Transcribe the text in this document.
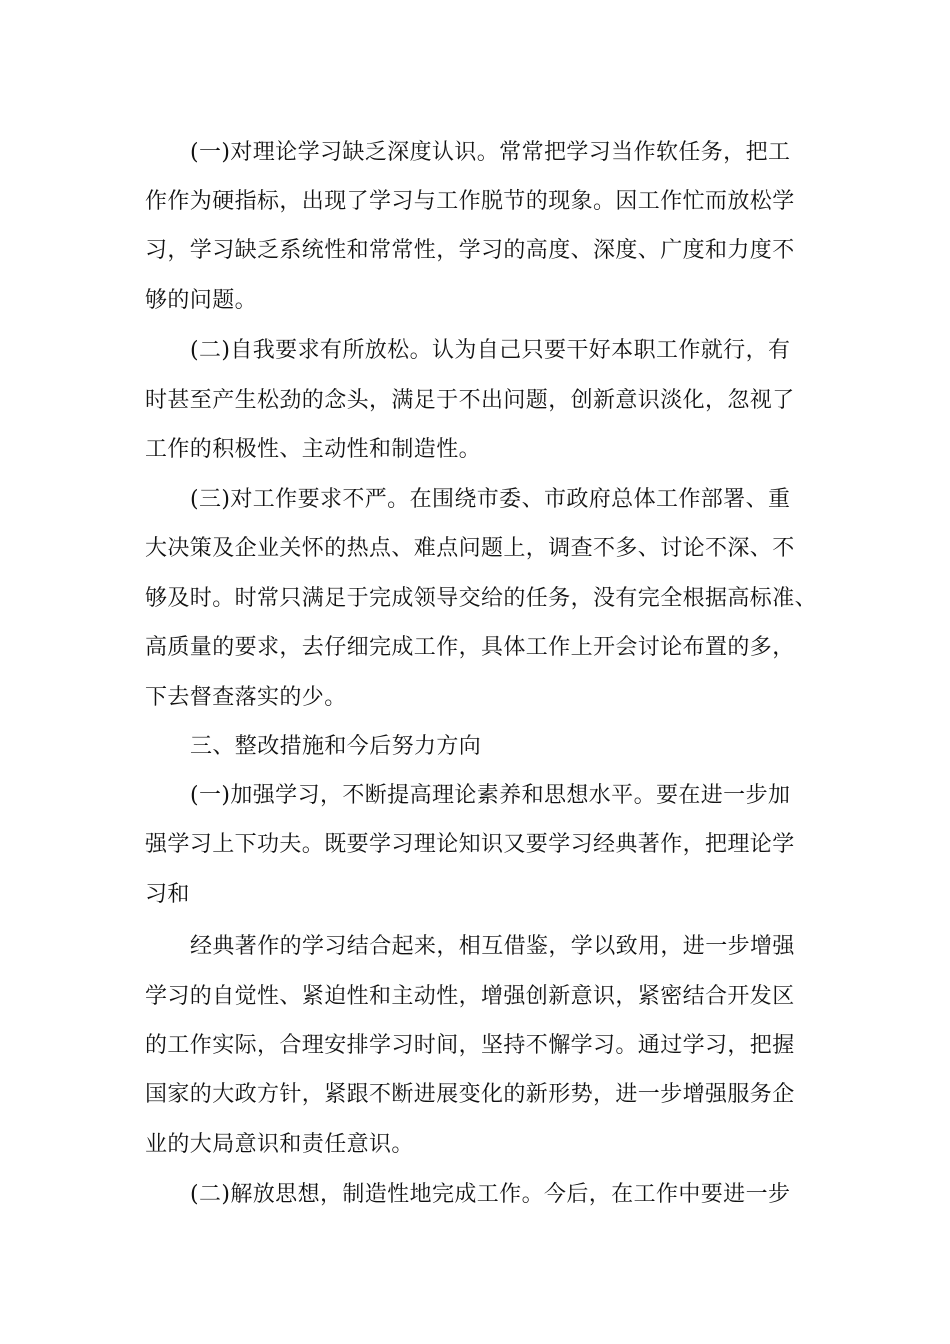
(一)对理论学习缺乏深度认识。常常把学习当作软任务，把工
作作为硬指标，出现了学习与工作脱节的现象。因工作忙而放松学
习，学习缺乏系统性和常常性，学习的高度、深度、广度和力度不
够的问题。
(二)自我要求有所放松。认为自己只要干好本职工作就行，有
时甚至产生松劲的念头，满足于不出问题，创新意识淡化，忽视了
工作的积极性、主动性和制造性。
(三)对工作要求不严。在围绕市委、市政府总体工作部署、重
大决策及企业关怀的热点、难点问题上，调查不多、讨论不深、不
够及时。时常只满足于完成领导交给的任务，没有完全根据高标准、
高质量的要求，去仔细完成工作，具体工作上开会讨论布置的多，
下去督查落实的少。
三、整改措施和今后努力方向
(一)加强学习，不断提高理论素养和思想水平。要在进一步加
强学习上下功夫。既要学习理论知识又要学习经典著作，把理论学
习和
经典著作的学习结合起来，相互借鉴，学以致用，进一步增强
学习的自觉性、紧迫性和主动性，增强创新意识，紧密结合开发区
的工作实际，合理安排学习时间，坚持不懈学习。通过学习，把握
国家的大政方针，紧跟不断进展变化的新形势，进一步增强服务企
业的大局意识和责任意识。
(二)解放思想，制造性地完成工作。今后，在工作中要进一步
